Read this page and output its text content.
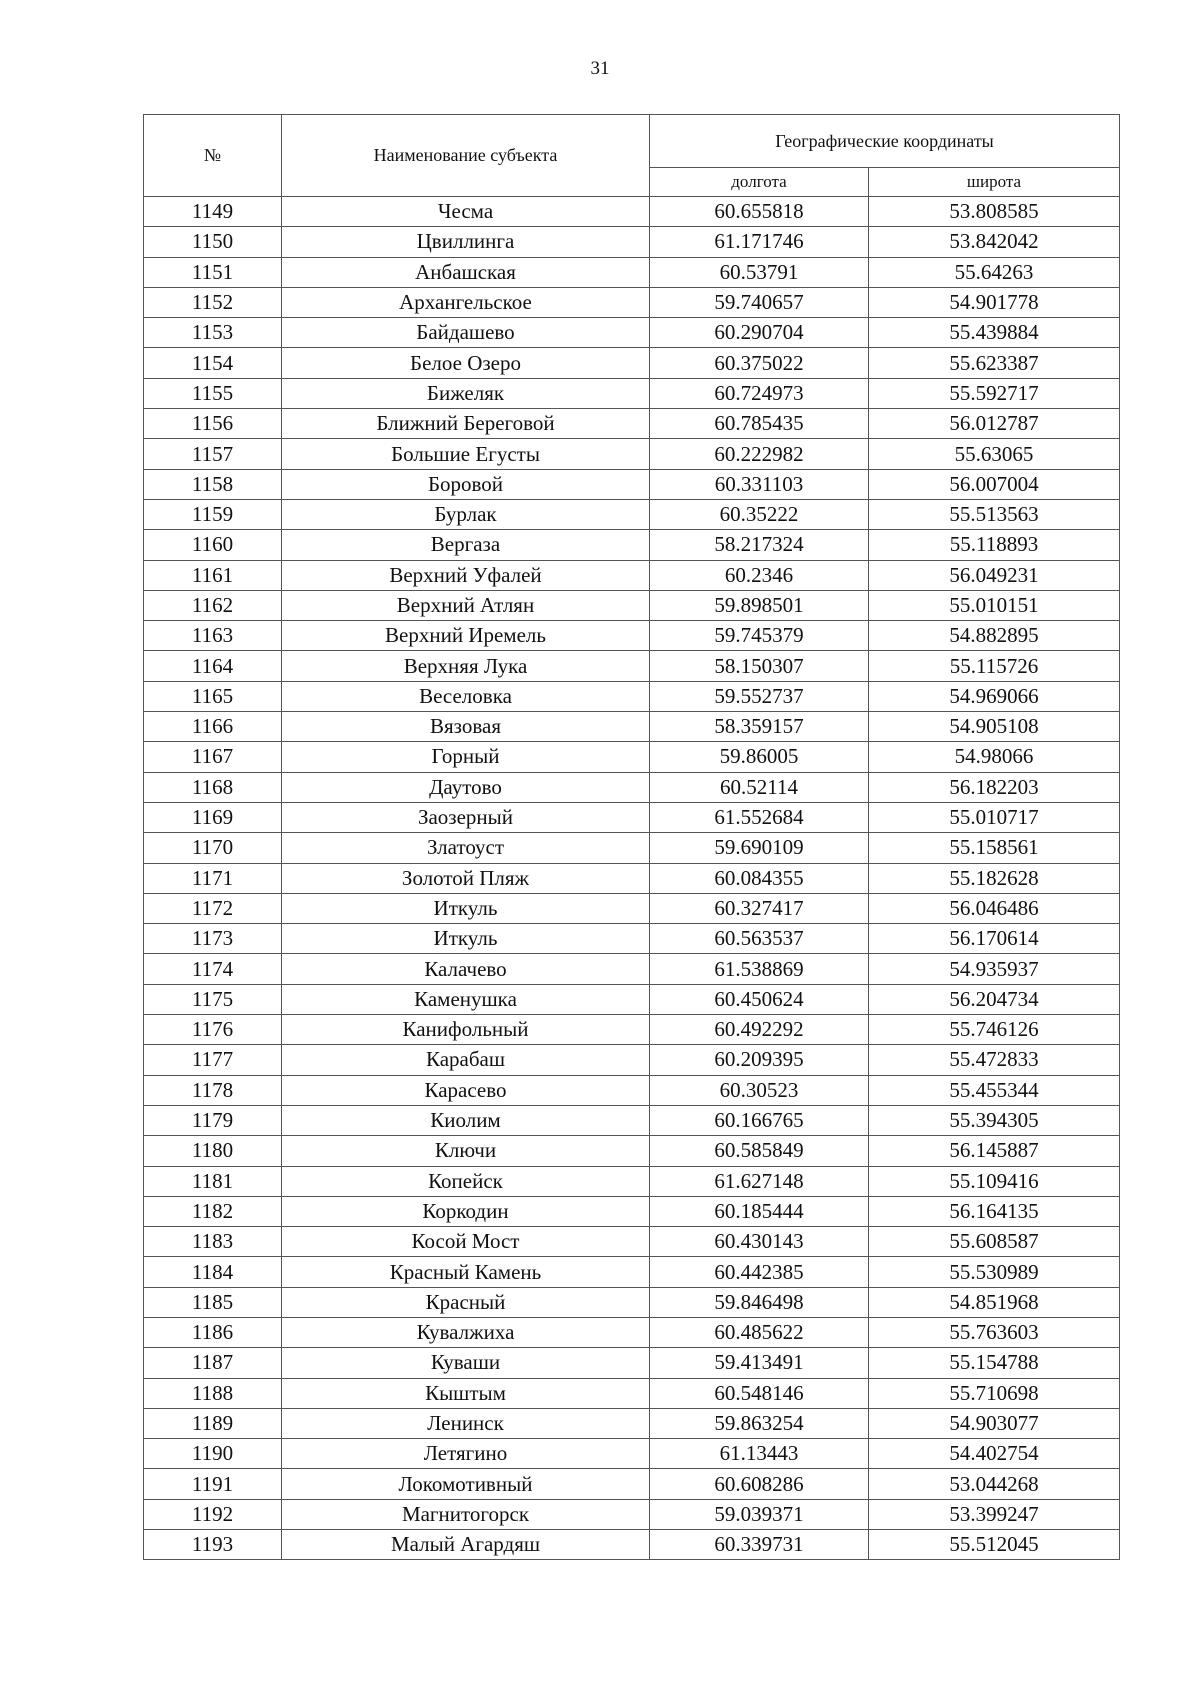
31
№	Наименование субъекта	Географические координаты	
		долгота	широта
1149	Чесма	60.655818	53.808585
1150	Цвиллинга	61.171746	53.842042
1151	Анбашская	60.53791	55.64263
1152	Архангельское	59.740657	54.901778
1153	Байдашево	60.290704	55.439884
1154	Белое Озеро	60.375022	55.623387
1155	Бижеляк	60.724973	55.592717
1156	Ближний Береговой	60.785435	56.012787
1157	Большие Егусты	60.222982	55.63065
1158	Боровой	60.331103	56.007004
1159	Бурлак	60.35222	55.513563
1160	Вергаза	58.217324	55.118893
1161	Верхний Уфалей	60.2346	56.049231
1162	Верхний Атлян	59.898501	55.010151
1163	Верхний Иремель	59.745379	54.882895
1164	Верхняя Лука	58.150307	55.115726
1165	Веселовка	59.552737	54.969066
1166	Вязовая	58.359157	54.905108
1167	Горный	59.86005	54.98066
1168	Даутово	60.52114	56.182203
1169	Заозерный	61.552684	55.010717
1170	Златоуст	59.690109	55.158561
1171	Золотой Пляж	60.084355	55.182628
1172	Иткуль	60.327417	56.046486
1173	Иткуль	60.563537	56.170614
1174	Калачево	61.538869	54.935937
1175	Каменушка	60.450624	56.204734
1176	Канифольный	60.492292	55.746126
1177	Карабаш	60.209395	55.472833
1178	Карасево	60.30523	55.455344
1179	Киолим	60.166765	55.394305
1180	Ключи	60.585849	56.145887
1181	Копейск	61.627148	55.109416
1182	Коркодин	60.185444	56.164135
1183	Косой Мост	60.430143	55.608587
1184	Красный Камень	60.442385	55.530989
1185	Красный	59.846498	54.851968
1186	Кувалжиха	60.485622	55.763603
1187	Куваши	59.413491	55.154788
1188	Кыштым	60.548146	55.710698
1189	Ленинск	59.863254	54.903077
1190	Летягино	61.13443	54.402754
1191	Локомотивный	60.608286	53.044268
1192	Магнитогорск	59.039371	53.399247
1193	Малый Агардяш	60.339731	55.512045
